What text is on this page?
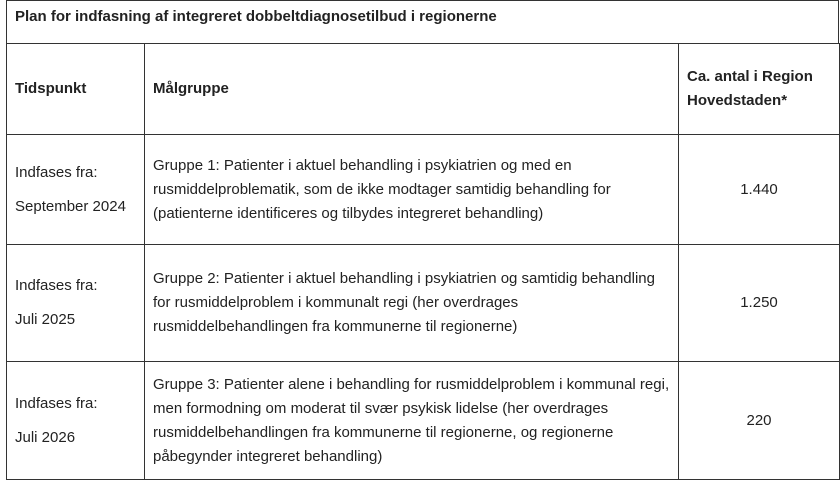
Plan for indfasning af integreret dobbeltdiagnosetilbud i regionerne
Tidspunkt	Målgruppe	Ca. antal i Region Hovedstaden*

Indfases fra:
September 2024	Gruppe 1: Patienter i aktuel behandling i psykiatrien og med en rusmiddelproblematik, som de ikke modtager samtidig behandling for (patienterne identificeres og tilbydes integreret behandling)	1.440

Indfases fra:
Juli 2025	Gruppe 2: Patienter i aktuel behandling i psykiatrien og samtidig behandling for rusmiddelproblem i kommunalt regi (her overdrages rusmiddelbehandlingen fra kommunerne til regionerne)	1.250

Indfases fra:
Juli 2026	Gruppe 3: Patienter alene i behandling for rusmiddelproblem i kommunal regi, men formodning om moderat til svær psykisk lidelse (her overdrages rusmiddelbehandlingen fra kommunerne til regionerne, og regionerne påbegynder integreret behandling)	220
